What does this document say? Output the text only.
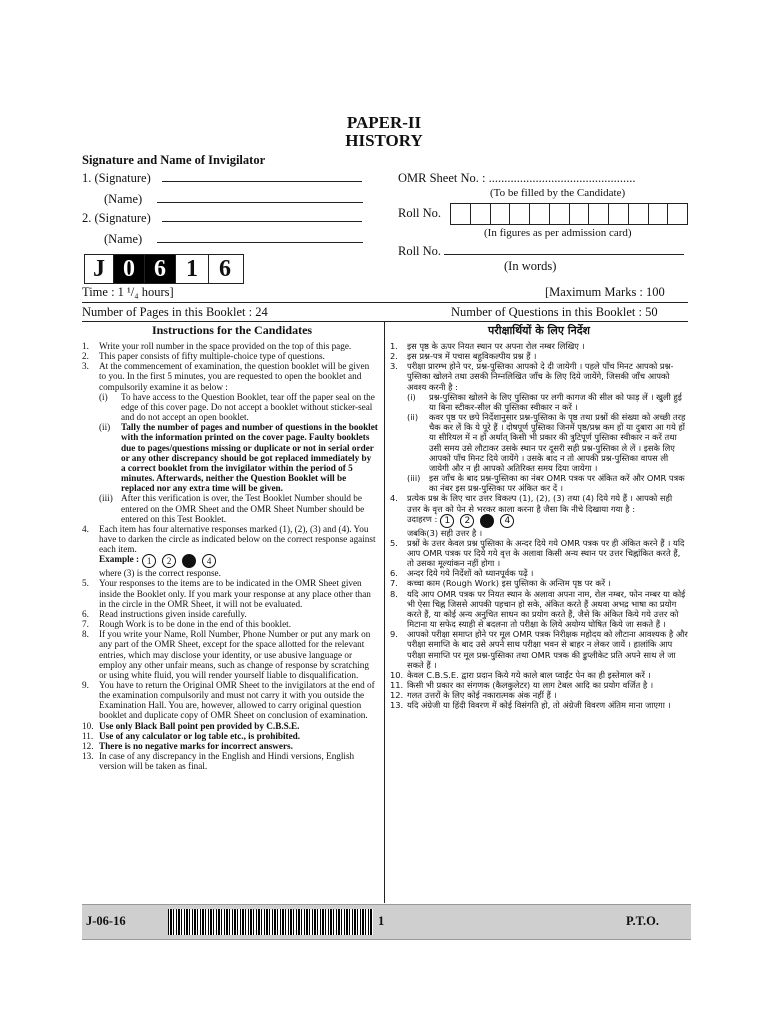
PAPER-II
HISTORY
Signature and Name of Invigilator
1. (Signature)
(Name)
2. (Signature)
(Name)
OMR Sheet No. : ...............................................
(To be filled by the Candidate)
Roll No.
(In figures as per admission card)
Roll No.
(In words)
J 0 6 1 6
Time : 1 ¹/₄ hours]	[Maximum Marks : 100
Number of Pages in this Booklet : 24	Number of Questions in this Booklet : 50
Instructions for the Candidates
1.	Write your roll number in the space provided on the top of this page.
2.	This paper consists of fifty multiple-choice type of questions.
3.	At the commencement of examination, the question booklet will be given to you. In the first 5 minutes, you are requested to open the booklet and compulsorily examine it as below :
(i)	To have access to the Question Booklet, tear off the paper seal on the edge of this cover page. Do not accept a booklet without sticker-seal and do not accept an open booklet.
(ii)	Tally the number of pages and number of questions in the booklet with the information printed on the cover page. Faulty booklets due to pages/questions missing or duplicate or not in serial order or any other discrepancy should be got replaced immediately by a correct booklet from the invigilator within the period of 5 minutes. Afterwards, neither the Question Booklet will be replaced nor any extra time will be given.
(iii) After this verification is over, the Test Booklet Number should be entered on the OMR Sheet and the OMR Sheet Number should be entered on this Test Booklet.
4.	Each item has four alternative responses marked (1), (2), (3) and (4). You have to darken the circle as indicated below on the correct response against each item.
Example : 1	2	4
where (3) is the correct response.
5.	Your responses to the items are to be indicated in the OMR Sheet given inside the Booklet only. If you mark your response at any place other than in the circle in the OMR Sheet, it will not be evaluated.
6.	Read instructions given inside carefully.
7.	Rough Work is to be done in the end of this booklet.
8.	If you write your Name, Roll Number, Phone Number or put any mark on any part of the OMR Sheet, except for the space allotted for the relevant entries, which may disclose your identity, or use abusive language or employ any other unfair means, such as change of response by scratching or using white fluid, you will render yourself liable to disqualification.
9.	You have to return the Original OMR Sheet to the invigilators at the end of the examination compulsorily and must not carry it with you outside the Examination Hall. You are, however, allowed to carry original question booklet and duplicate copy of OMR Sheet on conclusion of examination.
10. Use only Black Ball point pen provided by C.B.S.E.
11. Use of any calculator or log table etc., is prohibited.
12. There is no negative marks for incorrect answers.
13. In case of any discrepancy in the English and Hindi versions, English version will be taken as final.
परीक्षार्थियों के लिए निर्देश
1.	इस पृष्ठ के ऊपर नियत स्थान पर अपना रोल नम्बर लिखिए ।
2.	इस प्रश्न-पत्र में पचास बहुविकल्पीय प्रश्न हैं ।
3.	परीक्षा प्रारम्भ होने पर, प्रश्न-पुस्तिका आपको दे दी जायेगी । पहले पाँच मिनट आपको प्रश्न-पुस्तिका खोलने तथा उसकी निम्नलिखित जाँच के लिए दिये जायेंगे, जिसकी जाँच आपको अवश्य करनी है :
(i)	प्रश्न-पुस्तिका खोलने के लिए पुस्तिका पर लगी कागज की सील को फाड़ लें । खुली हुई या बिना स्टीकर-सील की पुस्तिका स्वीकार न करें ।
(ii)	कवर पृष्ठ पर छपे निर्देशानुसार प्रश्न-पुस्तिका के पृष्ठ तथा प्रश्नों की संख्या को अच्छी तरह चैक कर लें कि ये पूरे हैं । दोषपूर्ण पुस्तिका जिनमें पृष्ठ/प्रश्न कम हों या दुबारा आ गये हों या सीरियल में न हों अर्थात् किसी भी प्रकार की त्रुटिपूर्ण पुस्तिका स्वीकार न करें तथा उसी समय उसे लौटाकर उसके स्थान पर दूसरी सही प्रश्न-पुस्तिका ले लें । इसके लिए आपको पाँच मिनट दिये जायेंगे । उसके बाद न तो आपकी प्रश्न-पुस्तिका वापस ली जायेगी और न ही आपको अतिरिक्त समय दिया जायेगा ।
(iii)	इस जाँच के बाद प्रश्न-पुस्तिका का नंबर OMR पत्रक पर अंकित करें और OMR पत्रक का नंबर इस प्रश्न-पुस्तिका पर अंकित कर दें ।
4.	प्रत्येक प्रश्न के लिए चार उत्तर विकल्प (1), (2), (3) तथा (4) दिये गये हैं । आपको सही उत्तर के वृत्त को पेन से भरकर काला करना है जैसा कि नीचे दिखाया गया है :
उदाहरण : 1	2	4
जबकि(3) सही उत्तर है ।
5.	प्रश्नों के उत्तर केवल प्रश्न पुस्तिका के अन्दर दिये गये OMR पत्रक पर ही अंकित करने हैं । यदि आप OMR पत्रक पर दिये गये वृत्त के अलावा किसी अन्य स्थान पर उत्तर चिह्नांकित करते हैं, तो उसका मूल्यांकन नहीं होगा ।
6.	अन्दर दिये गये निर्देशों को ध्यानपूर्वक पढ़ें ।
7.	कच्चा काम (Rough Work) इस पुस्तिका के अन्तिम पृष्ठ पर करें ।
8.	यदि आप OMR पत्रक पर नियत स्थान के अलावा अपना नाम, रोल नम्बर, फोन नम्बर या कोई भी ऐसा चिह्न जिससे आपकी पहचान हो सके, अंकित करते हैं अथवा अभद्र भाषा का प्रयोग करते हैं, या कोई अन्य अनुचित साधन का प्रयोग करते हैं, जैसे कि अंकित किये गये उत्तर को मिटाना या सफेद स्याही से बदलना तो परीक्षा के लिये अयोग्य घोषित किये जा सकते हैं ।
9.	आपको परीक्षा समाप्त होने पर मूल OMR पत्रक निरीक्षक महोदय को लौटाना आवश्यक है और परीक्षा समाप्ति के बाद उसे अपने साथ परीक्षा भवन से बाहर न लेकर जायें । हालांकि आप परीक्षा समाप्ति पर मूल प्रश्न-पुस्तिका तथा OMR पत्रक की डुप्लीकेट प्रति अपने साथ ले जा सकते हैं ।
10. केवल C.B.S.E. द्वारा प्रदान किये गये काले बाल प्वाईंट पेन का ही इस्तेमाल करें ।
11. किसी भी प्रकार का संगणक (कैलकुलेटर) या लाग टेबल आदि का प्रयोग वर्जित है ।
12. गलत उत्तरों के लिए कोई नकारात्मक अंक नहीं हैं ।
13. यदि अंग्रेजी या हिंदी विवरण में कोई विसंगति हो, तो अंग्रेजी विवरण अंतिम माना जाएगा ।
J-06-16	1	P.T.O.
